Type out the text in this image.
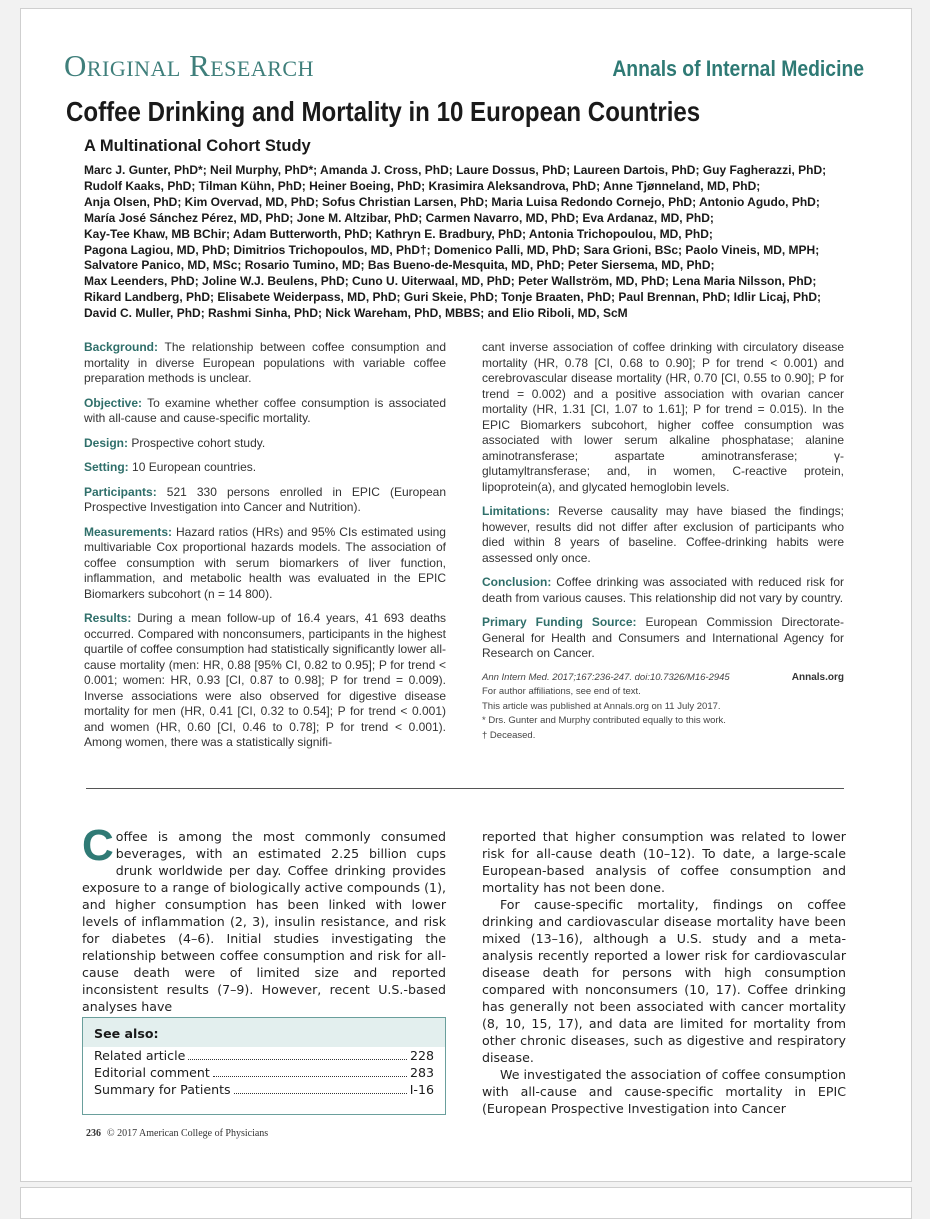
Original Research	Annals of Internal Medicine
Coffee Drinking and Mortality in 10 European Countries
A Multinational Cohort Study
Marc J. Gunter, PhD*; Neil Murphy, PhD*; Amanda J. Cross, PhD; Laure Dossus, PhD; Laureen Dartois, PhD; Guy Fagherazzi, PhD;
Rudolf Kaaks, PhD; Tilman Kühn, PhD; Heiner Boeing, PhD; Krasimira Aleksandrova, PhD; Anne Tjønneland, MD, PhD;
Anja Olsen, PhD; Kim Overvad, MD, PhD; Sofus Christian Larsen, PhD; Maria Luisa Redondo Cornejo, PhD; Antonio Agudo, PhD;
María José Sánchez Pérez, MD, PhD; Jone M. Altzibar, PhD; Carmen Navarro, MD, PhD; Eva Ardanaz, MD, PhD;
Kay-Tee Khaw, MB BChir; Adam Butterworth, PhD; Kathryn E. Bradbury, PhD; Antonia Trichopoulou, MD, PhD;
Pagona Lagiou, MD, PhD; Dimitrios Trichopoulos, MD, PhD†; Domenico Palli, MD, PhD; Sara Grioni, BSc; Paolo Vineis, MD, MPH;
Salvatore Panico, MD, MSc; Rosario Tumino, MD; Bas Bueno-de-Mesquita, MD, PhD; Peter Siersema, MD, PhD;
Max Leenders, PhD; Joline W.J. Beulens, PhD; Cuno U. Uiterwaal, MD, PhD; Peter Wallström, MD, PhD; Lena Maria Nilsson, PhD;
Rikard Landberg, PhD; Elisabete Weiderpass, MD, PhD; Guri Skeie, PhD; Tonje Braaten, PhD; Paul Brennan, PhD; Idlir Licaj, PhD;
David C. Muller, PhD; Rashmi Sinha, PhD; Nick Wareham, PhD, MBBS; and Elio Riboli, MD, ScM

Background: The relationship between coffee consumption and mortality in diverse European populations with variable coffee preparation methods is unclear.

Objective: To examine whether coffee consumption is associated with all-cause and cause-specific mortality.

Design: Prospective cohort study.

Setting: 10 European countries.

Participants: 521 330 persons enrolled in EPIC (European Prospective Investigation into Cancer and Nutrition).

Measurements: Hazard ratios (HRs) and 95% CIs estimated using multivariable Cox proportional hazards models. The association of coffee consumption with serum biomarkers of liver function, inflammation, and metabolic health was evaluated in the EPIC Biomarkers subcohort (n = 14 800).

Results: During a mean follow-up of 16.4 years, 41 693 deaths occurred. Compared with nonconsumers, participants in the highest quartile of coffee consumption had statistically significantly lower all-cause mortality (men: HR, 0.88 [95% CI, 0.82 to 0.95]; P for trend < 0.001; women: HR, 0.93 [CI, 0.87 to 0.98]; P for trend = 0.009). Inverse associations were also observed for digestive disease mortality for men (HR, 0.41 [CI, 0.32 to 0.54]; P for trend < 0.001) and women (HR, 0.60 [CI, 0.46 to 0.78]; P for trend < 0.001). Among women, there was a statistically signifi-

cant inverse association of coffee drinking with circulatory disease mortality (HR, 0.78 [CI, 0.68 to 0.90]; P for trend < 0.001) and cerebrovascular disease mortality (HR, 0.70 [CI, 0.55 to 0.90]; P for trend = 0.002) and a positive association with ovarian cancer mortality (HR, 1.31 [CI, 1.07 to 1.61]; P for trend = 0.015). In the EPIC Biomarkers subcohort, higher coffee consumption was associated with lower serum alkaline phosphatase; alanine aminotransferase; aspartate aminotransferase; γ-glutamyltransferase; and, in women, C-reactive protein, lipoprotein(a), and glycated hemoglobin levels.

Limitations: Reverse causality may have biased the findings; however, results did not differ after exclusion of participants who died within 8 years of baseline. Coffee-drinking habits were assessed only once.

Conclusion: Coffee drinking was associated with reduced risk for death from various causes. This relationship did not vary by country.

Primary Funding Source: European Commission Directorate-General for Health and Consumers and International Agency for Research on Cancer.

Ann Intern Med. 2017;167:236-247. doi:10.7326/M16-2945	Annals.org
For author affiliations, see end of text.
This article was published at Annals.org on 11 July 2017.
* Drs. Gunter and Murphy contributed equally to this work.
† Deceased.

Coffee is among the most commonly consumed beverages, with an estimated 2.25 billion cups drunk worldwide per day. Coffee drinking provides exposure to a range of biologically active compounds (1), and higher consumption has been linked with lower levels of inflammation (2, 3), insulin resistance, and risk for diabetes (4–6). Initial studies investigating the relationship between coffee consumption and risk for all-cause death were of limited size and reported inconsistent results (7–9). However, recent U.S.-based analyses have

See also:
Related article	228
Editorial comment	283
Summary for Patients	I-16

reported that higher consumption was related to lower risk for all-cause death (10–12). To date, a large-scale European-based analysis of coffee consumption and mortality has not been done.

For cause-specific mortality, findings on coffee drinking and cardiovascular disease mortality have been mixed (13–16), although a U.S. study and a meta-analysis recently reported a lower risk for cardiovascular disease death for persons with high consumption compared with nonconsumers (10, 17). Coffee drinking has generally not been associated with cancer mortality (8, 10, 15, 17), and data are limited for mortality from other chronic diseases, such as digestive and respiratory disease.

We investigated the association of coffee consumption with all-cause and cause-specific mortality in EPIC (European Prospective Investigation into Cancer

236 © 2017 American College of Physicians
